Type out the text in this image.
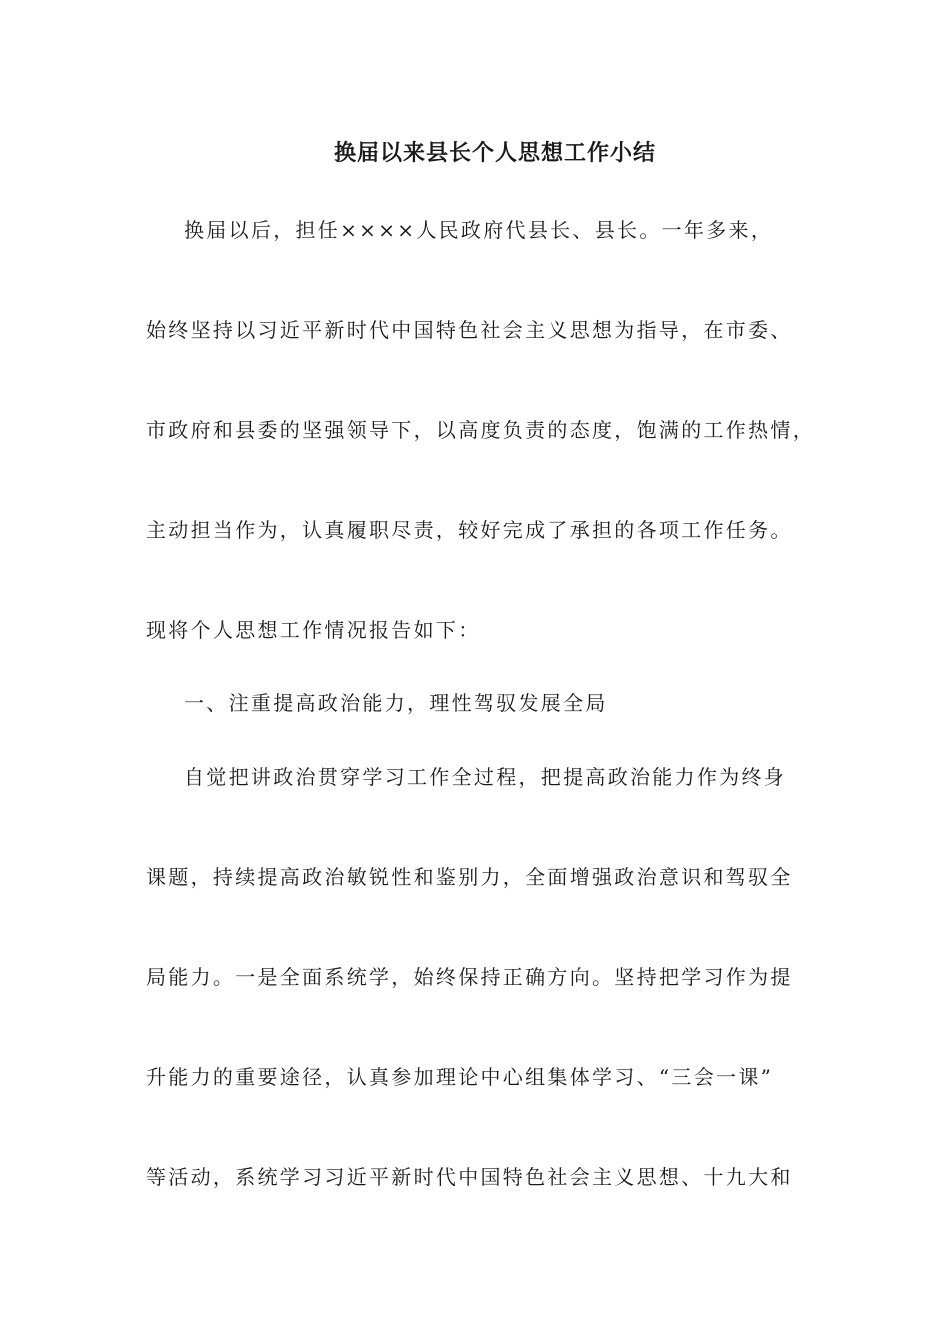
换届以来县长个人思想工作小结
换届以后，担任××××人民政府代县长、县长。一年多来，
始终坚持以习近平新时代中国特色社会主义思想为指导，在市委、
市政府和县委的坚强领导下，以高度负责的态度，饱满的工作热情，
主动担当作为，认真履职尽责，较好完成了承担的各项工作任务。
现将个人思想工作情况报告如下：
一、注重提高政治能力，理性驾驭发展全局
自觉把讲政治贯穿学习工作全过程，把提高政治能力作为终身
课题，持续提高政治敏锐性和鉴别力，全面增强政治意识和驾驭全
局能力。一是全面系统学，始终保持正确方向。坚持把学习作为提
升能力的重要途径，认真参加理论中心组集体学习、“三会一课”
等活动，系统学习习近平新时代中国特色社会主义思想、十九大和
